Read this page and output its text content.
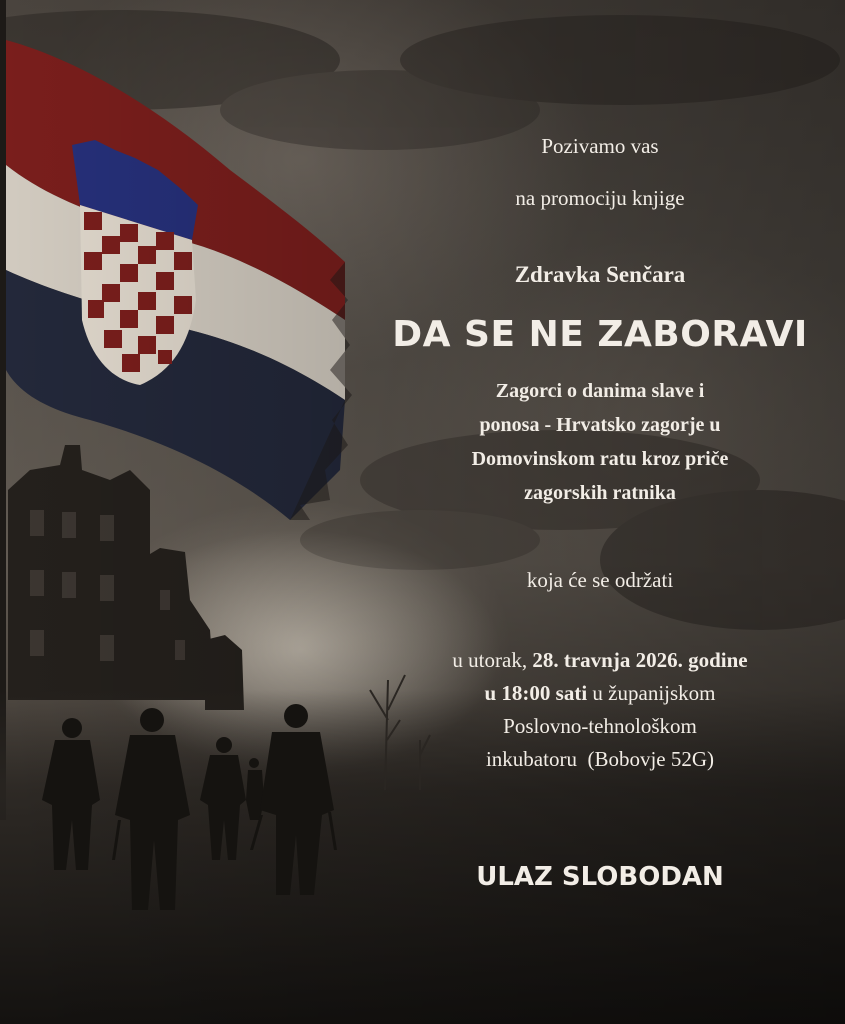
Pozivamo vas
na promociju knjige
Zdravka Senčara
DA SE NE ZABORAVI
Zagorci o danima slave i
ponosa - Hrvatsko zagorje u
Domovinskom ratu kroz priče
zagorskih ratnika
koja će se održati
u utorak, 28. travnja 2026. godine
u 18:00 sati u županijskom
Poslovno-tehnološkom
inkubatoru  (Bobovje 52G)
ULAZ SLOBODAN
